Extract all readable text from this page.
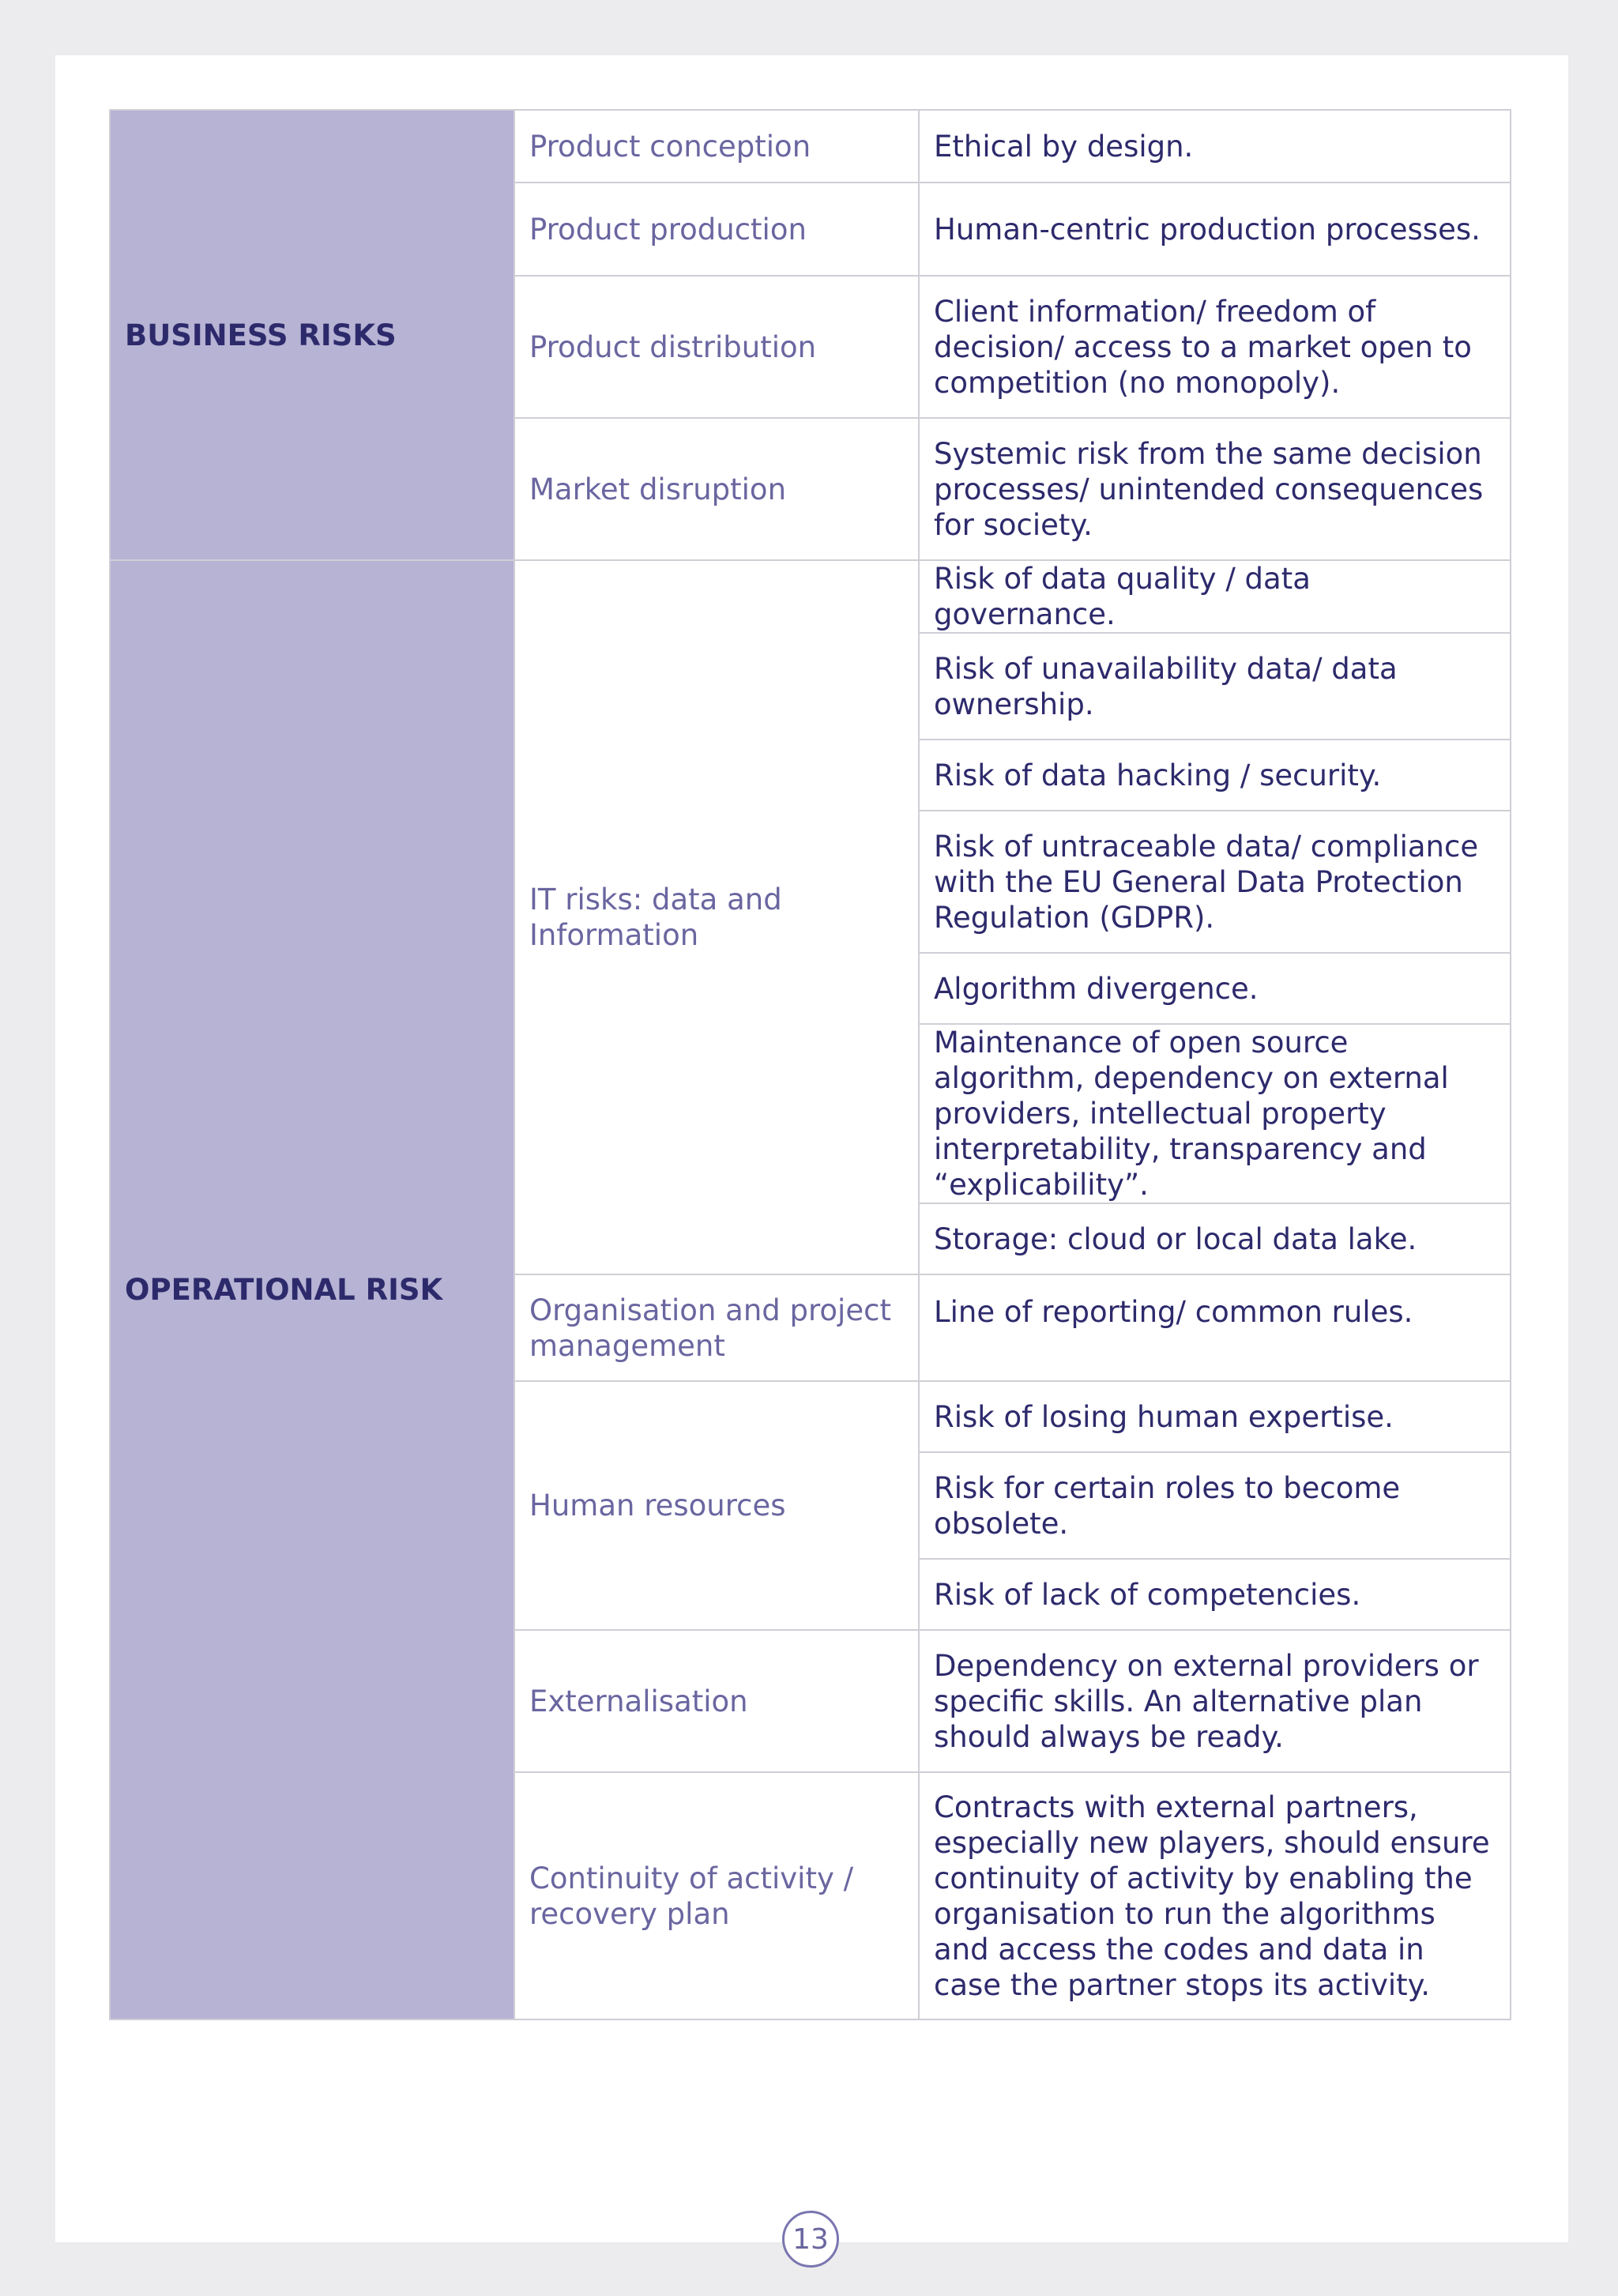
BUSINESS RISKS	Product conception	Ethical by design.
	Product production	Human-centric production processes.
	Product distribution	Client information/ freedom of decision/ access to a market open to competition (no monopoly).
	Market disruption	Systemic risk from the same decision processes/ unintended consequences for society.
OPERATIONAL RISK	IT risks: data and Information	Risk of data quality / data governance.
		Risk of unavailability data/ data ownership.
		Risk of data hacking / security.
		Risk of untraceable data/ compliance with the EU General Data Protection Regulation (GDPR).
		Algorithm divergence.
		Maintenance of open source algorithm, dependency on external providers, intellectual property interpretability, transparency and “explicability”.
		Storage: cloud or local data lake.
	Organisation and project management	Line of reporting/ common rules.
	Human resources	Risk of losing human expertise.
		Risk for certain roles to become obsolete.
		Risk of lack of competencies.
	Externalisation	Dependency on external providers or specific skills. An alternative plan should always be ready.
	Continuity of activity / recovery plan	Contracts with external partners, especially new players, should ensure continuity of activity by enabling the organisation to run the algorithms and access the codes and data in case the partner stops its activity.
13
